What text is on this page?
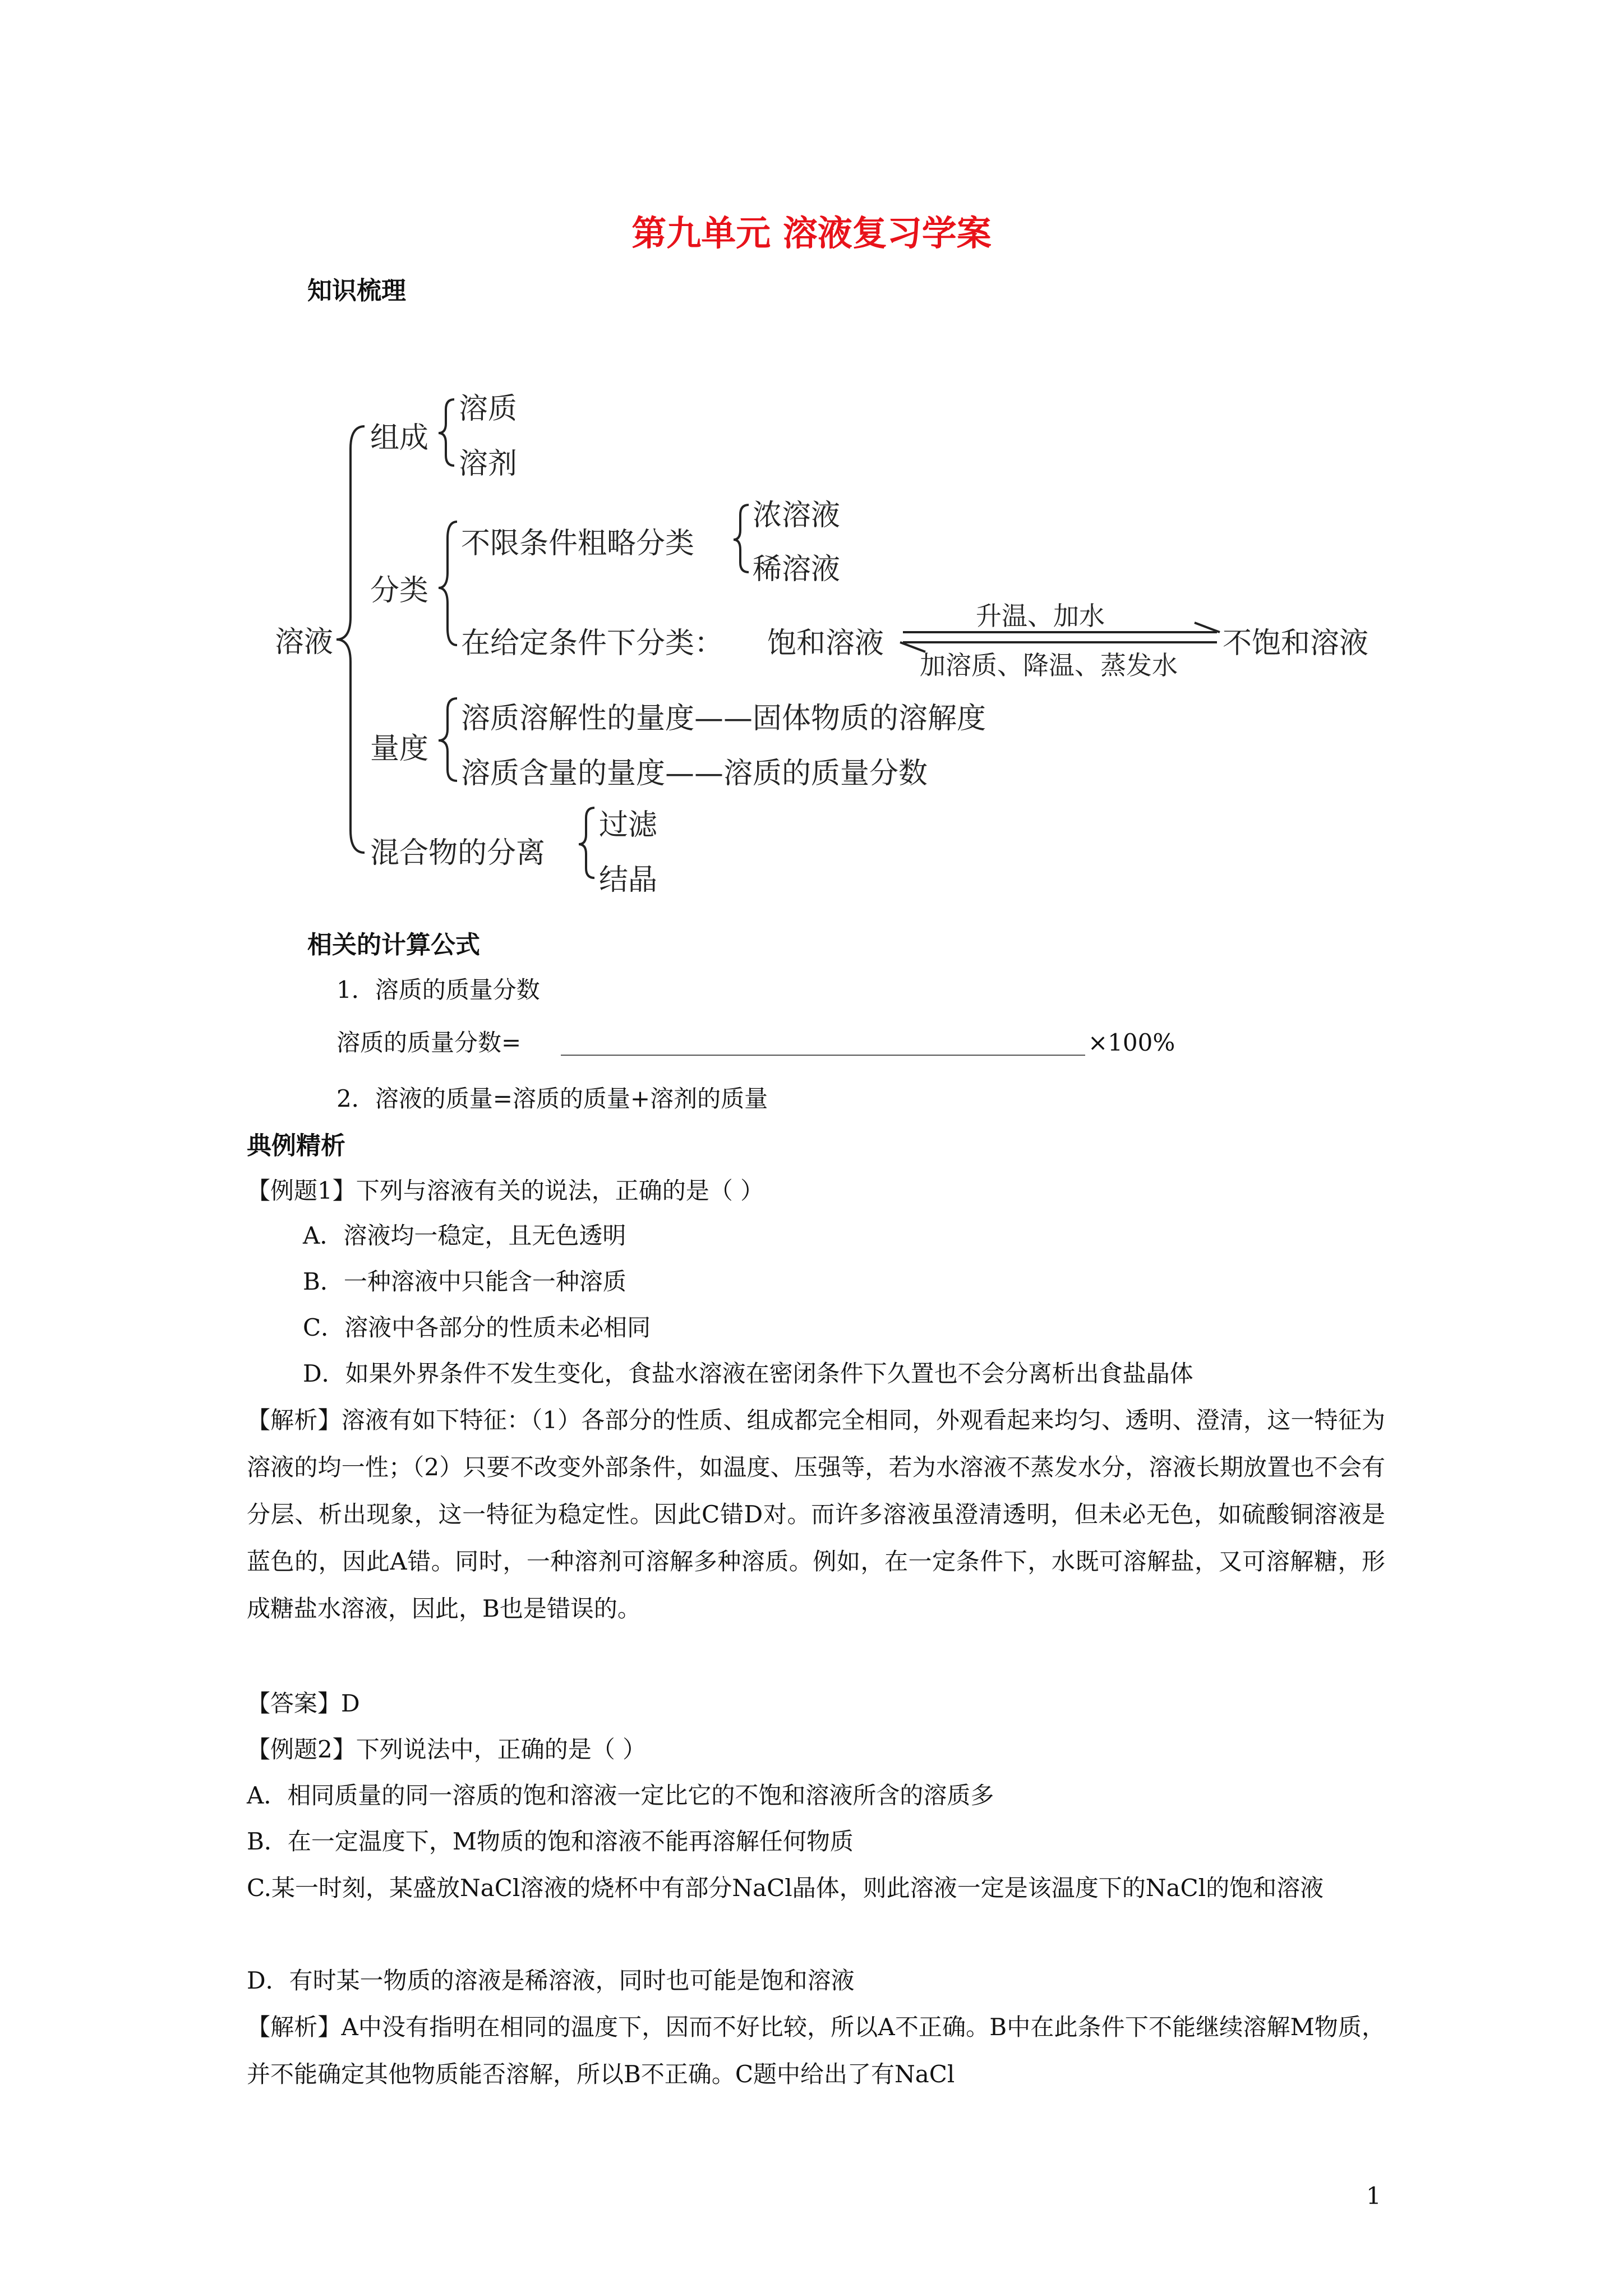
第九单元 溶液复习学案
知识梳理
溶液
组成
溶质
溶剂
分类
不限条件粗略分类
浓溶液
稀溶液
在给定条件下分类： 饱和溶液
升温、加水
加溶质、降温、蒸发水
不饱和溶液
量度
溶质溶解性的量度——固体物质的溶解度
溶质含量的量度——溶质的质量分数
混合物的分离
过滤
结晶
相关的计算公式
1．溶质的质量分数
溶质的质量分数=	×100%
2．溶液的质量=溶质的质量+溶剂的质量
典例精析
【例题1】下列与溶液有关的说法，正确的是（ ）
A．溶液均一稳定，且无色透明
B．一种溶液中只能含一种溶质
C．溶液中各部分的性质未必相同
D．如果外界条件不发生变化，食盐水溶液在密闭条件下久置也不会分离析出食盐晶体
【解析】溶液有如下特征：（1）各部分的性质、组成都完全相同，外观看起来均匀、透明、澄清，这一特征为溶液的均一性；（2）只要不改变外部条件，如温度、压强等，若为水溶液不蒸发水分，溶液长期放置也不会有分层、析出现象，这一特征为稳定性。因此C错D对。而许多溶液虽澄清透明，但未必无色，如硫酸铜溶液是蓝色的，因此A错。同时，一种溶剂可溶解多种溶质。例如，在一定条件下，水既可溶解盐，又可溶解糖，形成糖盐水溶液，因此，B也是错误的。
【答案】D
【例题2】下列说法中，正确的是（ ）
A．相同质量的同一溶质的饱和溶液一定比它的不饱和溶液所含的溶质多
B．在一定温度下，M物质的饱和溶液不能再溶解任何物质
C.某一时刻，某盛放NaCl溶液的烧杯中有部分NaCl晶体，则此溶液一定是该温度下的NaCl的饱和溶液
D．有时某一物质的溶液是稀溶液，同时也可能是饱和溶液
【解析】A中没有指明在相同的温度下，因而不好比较，所以A不正确。B中在此条件下不能继续溶解M物质，并不能确定其他物质能否溶解，所以B不正确。C题中给出了有NaCl
1
